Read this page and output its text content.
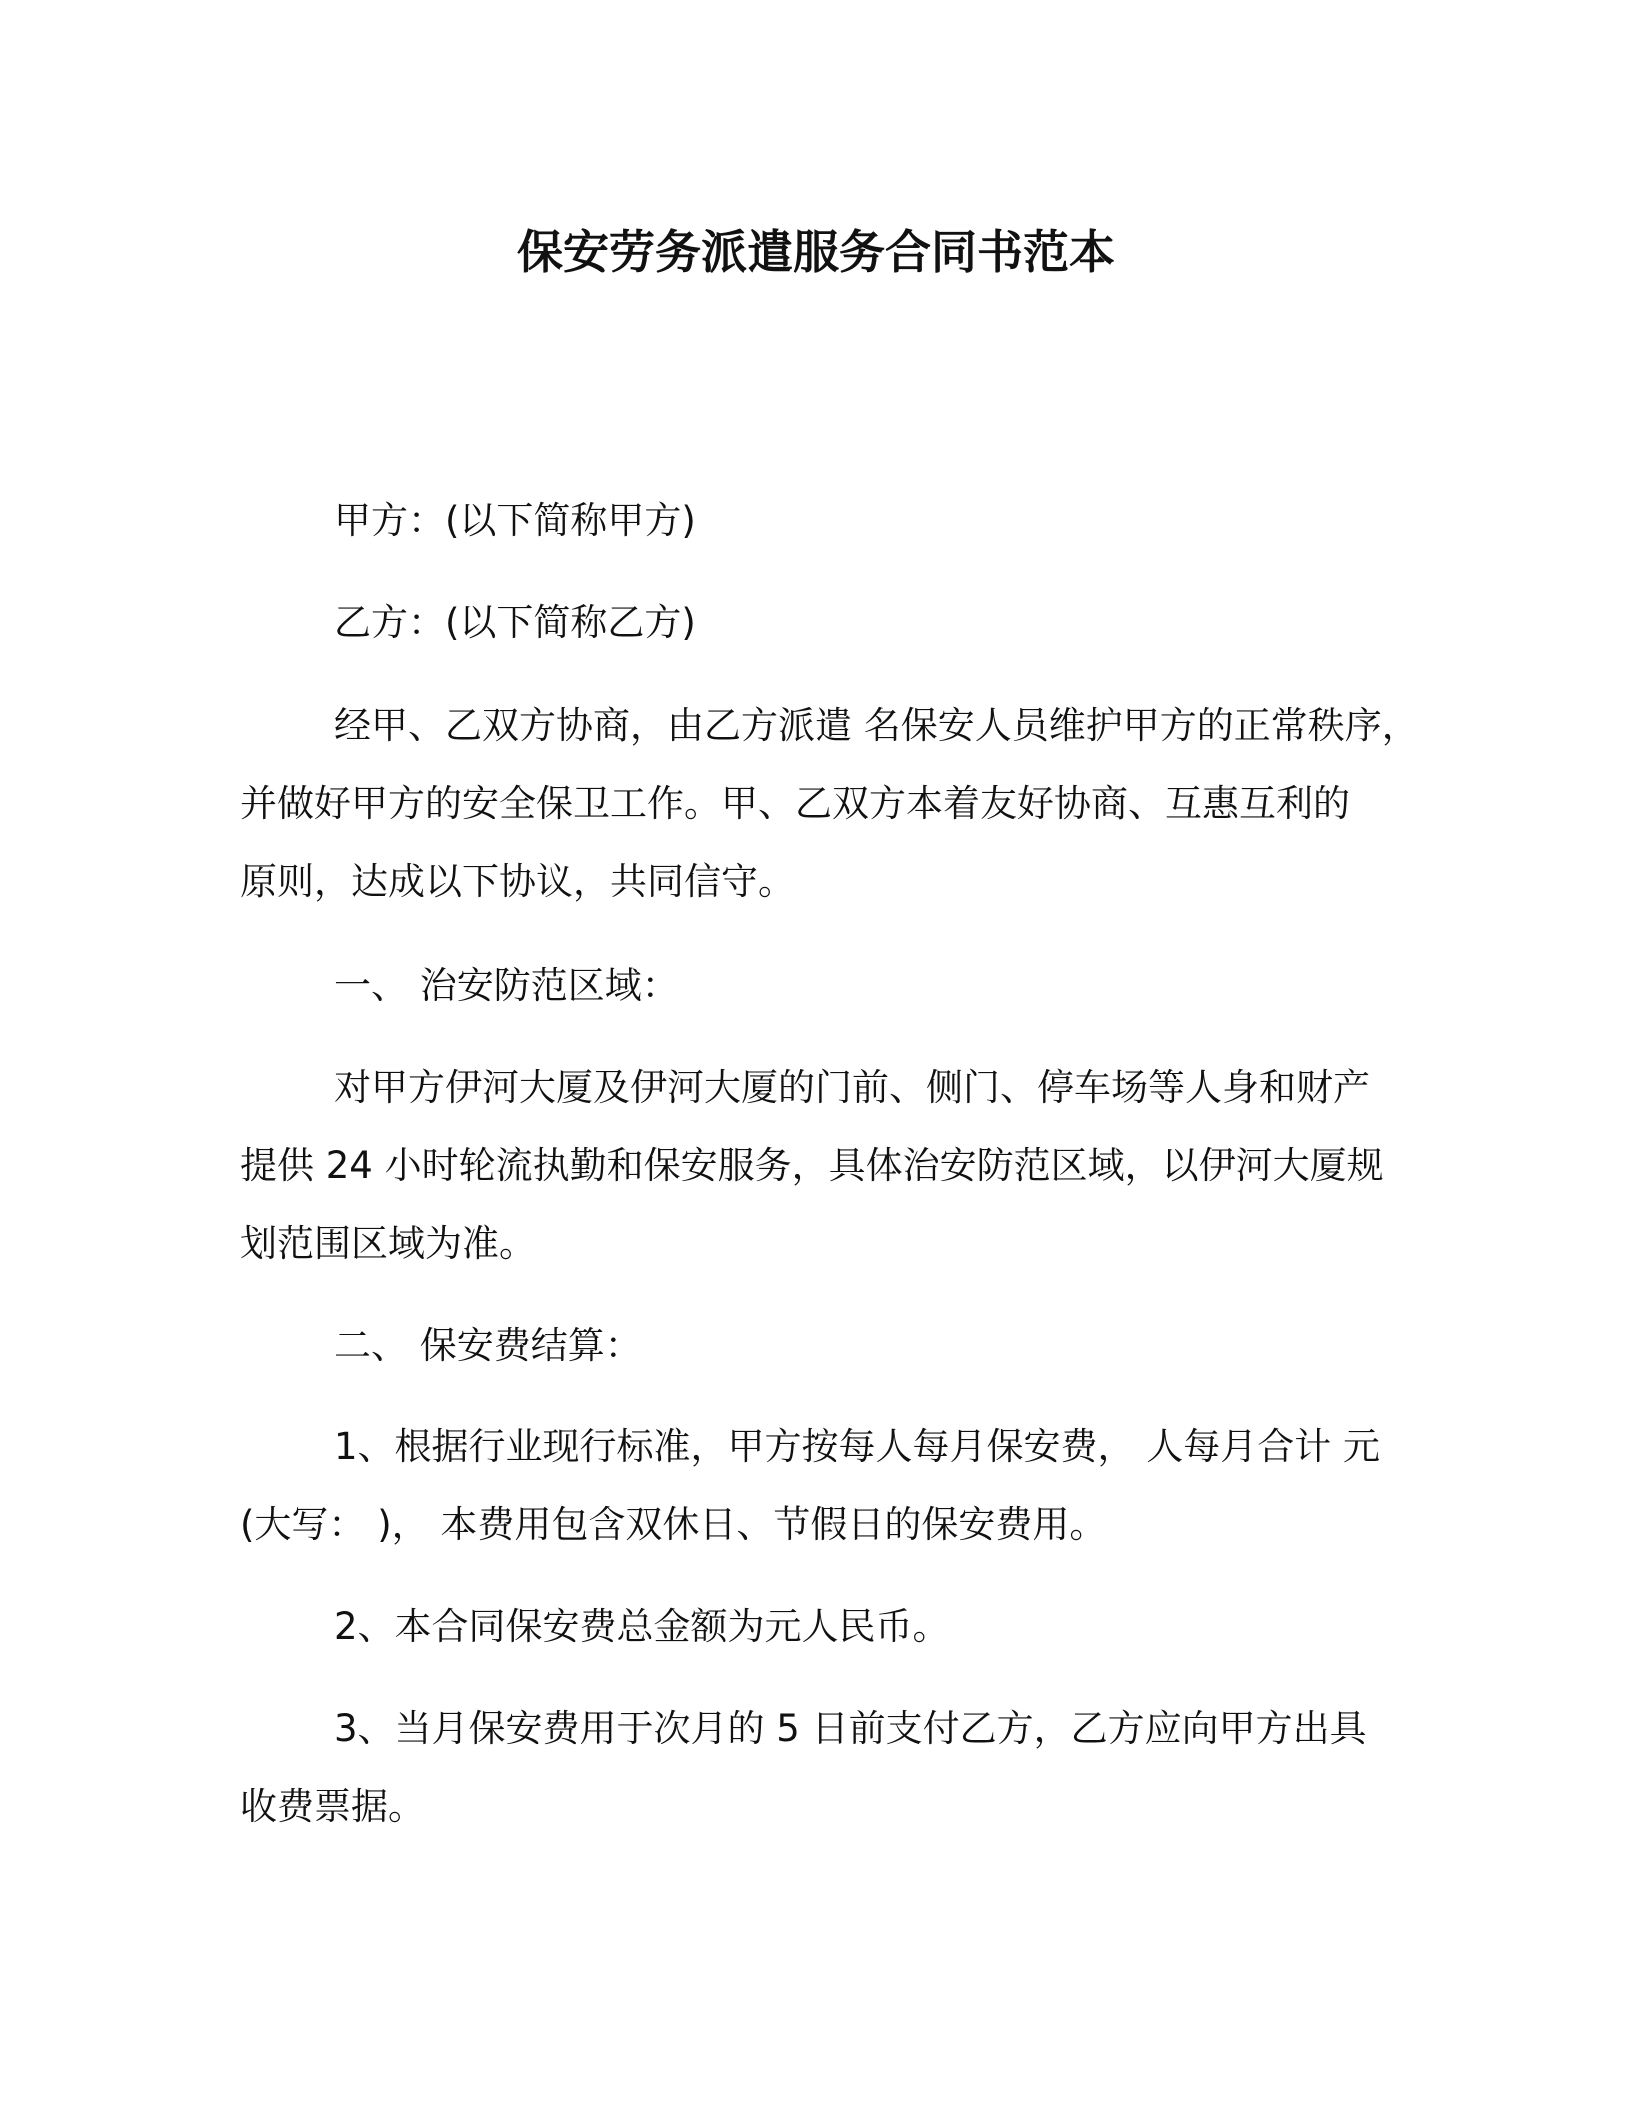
保安劳务派遣服务合同书范本
甲方：(以下简称甲方)
乙方：(以下简称乙方)
经甲、乙双方协商，由乙方派遣 名保安人员维护甲方的正常秩序，
并做好甲方的安全保卫工作。甲、乙双方本着友好协商、互惠互利的
原则，达成以下协议，共同信守。
一、 治安防范区域：
对甲方伊河大厦及伊河大厦的门前、侧门、停车场等人身和财产
提供 24 小时轮流执勤和保安服务，具体治安防范区域，以伊河大厦规
划范围区域为准。
二、 保安费结算：
1、根据行业现行标准，甲方按每人每月保安费， 人每月合计 元
(大写： )， 本费用包含双休日、节假日的保安费用。
2、本合同保安费总金额为元人民币。
3、当月保安费用于次月的 5 日前支付乙方，乙方应向甲方出具
收费票据。
